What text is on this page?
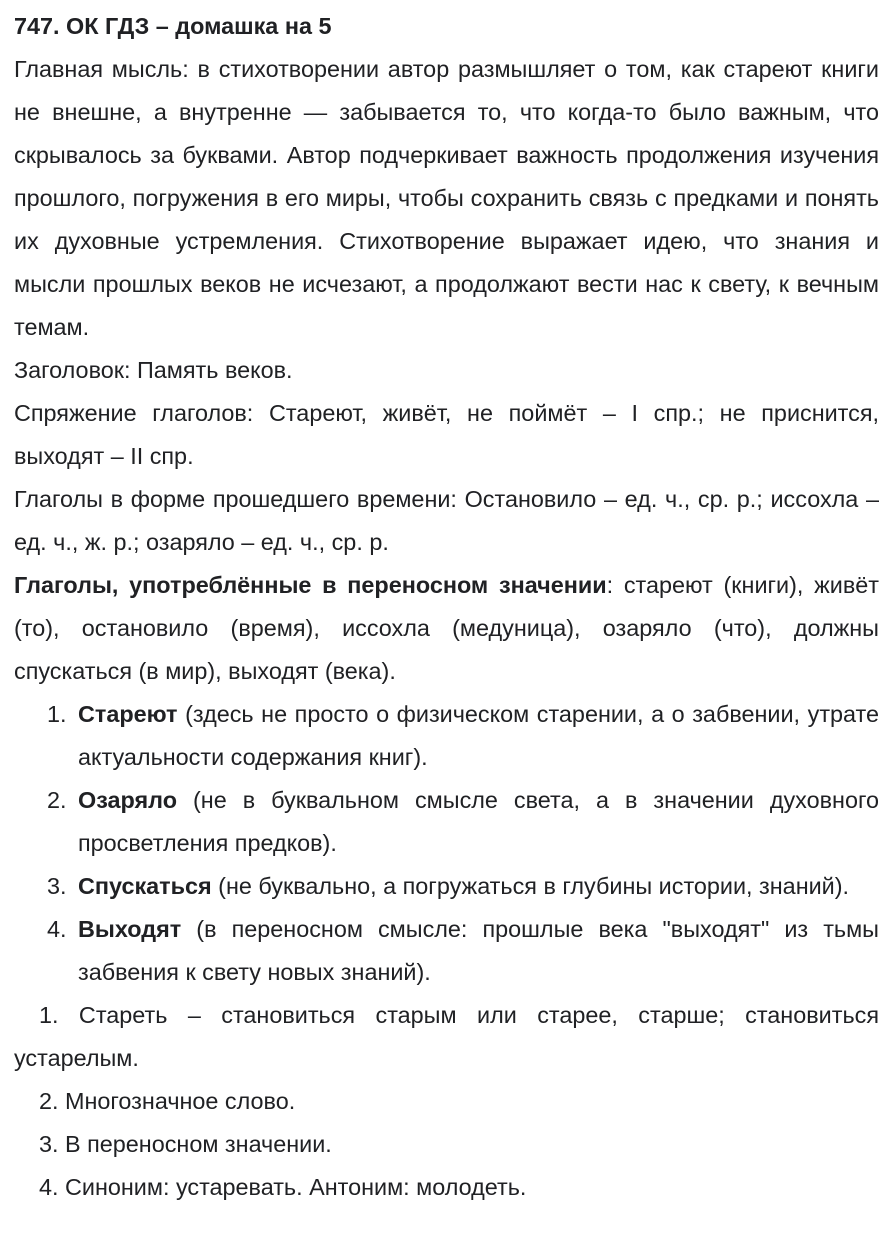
747. ОК ГДЗ – домашка на 5

Главная мысль: в стихотворении автор размышляет о том, как стареют книги не внешне, а внутренне — забывается то, что когда-то было важным, что скрывалось за буквами. Автор подчеркивает важность продолжения изучения прошлого, погружения в его миры, чтобы сохранить связь с предками и понять их духовные устремления. Стихотворение выражает идею, что знания и мысли прошлых веков не исчезают, а продолжают вести нас к свету, к вечным темам.

Заголовок: Память веков.

Спряжение глаголов: Стареют, живёт, не поймёт – I спр.; не приснится, выходят – II спр.

Глаголы в форме прошедшего времени: Остановило – ед. ч., ср. р.; иссохла – ед. ч., ж. р.; озаряло – ед. ч., ср. р.

Глаголы, употреблённые в переносном значении: стареют (книги), живёт (то), остановило (время), иссохла (медуница), озаряло (что), должны спускаться (в мир), выходят (века).

1. Стареют (здесь не просто о физическом старении, а о забвении, утрате актуальности содержания книг).
2. Озаряло (не в буквальном смысле света, а в значении духовного просветления предков).
3. Спускаться (не буквально, а погружаться в глубины истории, знаний).
4. Выходят (в переносном смысле: прошлые века "выходят" из тьмы забвения к свету новых знаний).

1. Стареть – становиться старым или старее, старше; становиться устарелым.

2. Многозначное слово.

3. В переносном значении.

4. Синоним: устаревать. Антоним: молодеть.
